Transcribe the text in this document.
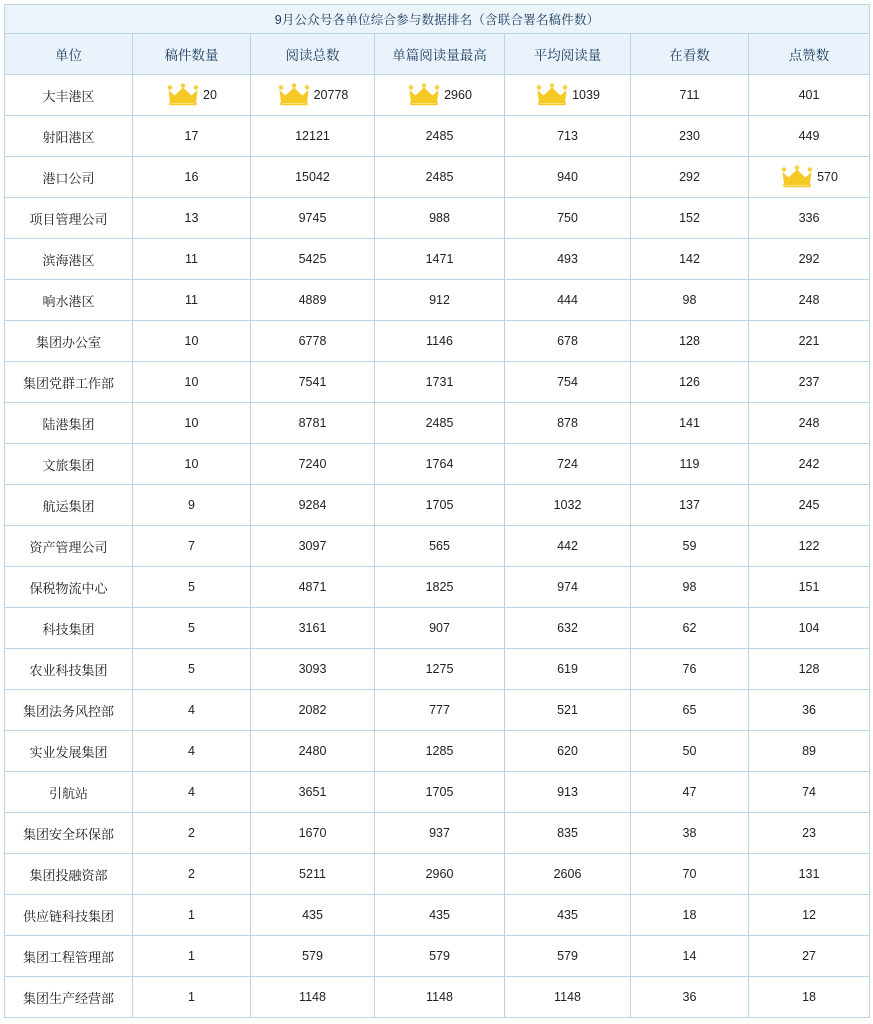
9月公众号各单位综合参与数据排名（含联合署名稿件数）						
单位	稿件数量	阅读总数	单篇阅读量最高	平均阅读量	在看数	点赞数
大丰港区	20	20778	2960	1039	711	401

射阳港区	17	12121	2485	713	230	449

港口公司	16	15042	2485	940	292	570

项目管理公司	13	9745	988	750	152	336

滨海港区	11	5425	1471	493	142	292

响水港区	11	4889	912	444	98	248

集团办公室	10	6778	1146	678	128	221

集团党群工作部	10	7541	1731	754	126	237

陆港集团	10	8781	2485	878	141	248

文旅集团	10	7240	1764	724	119	242

航运集团	9	9284	1705	1032	137	245

资产管理公司	7	3097	565	442	59	122

保税物流中心	5	4871	1825	974	98	151

科技集团	5	3161	907	632	62	104

农业科技集团	5	3093	1275	619	76	128

集团法务风控部	4	2082	777	521	65	36

实业发展集团	4	2480	1285	620	50	89

引航站	4	3651	1705	913	47	74

集团安全环保部	2	1670	937	835	38	23

集团投融资部	2	5211	2960	2606	70	131

供应链科技集团	1	435	435	435	18	12

集团工程管理部	1	579	579	579	14	27

集团生产经营部	1	1148	1148	1148	36	18
